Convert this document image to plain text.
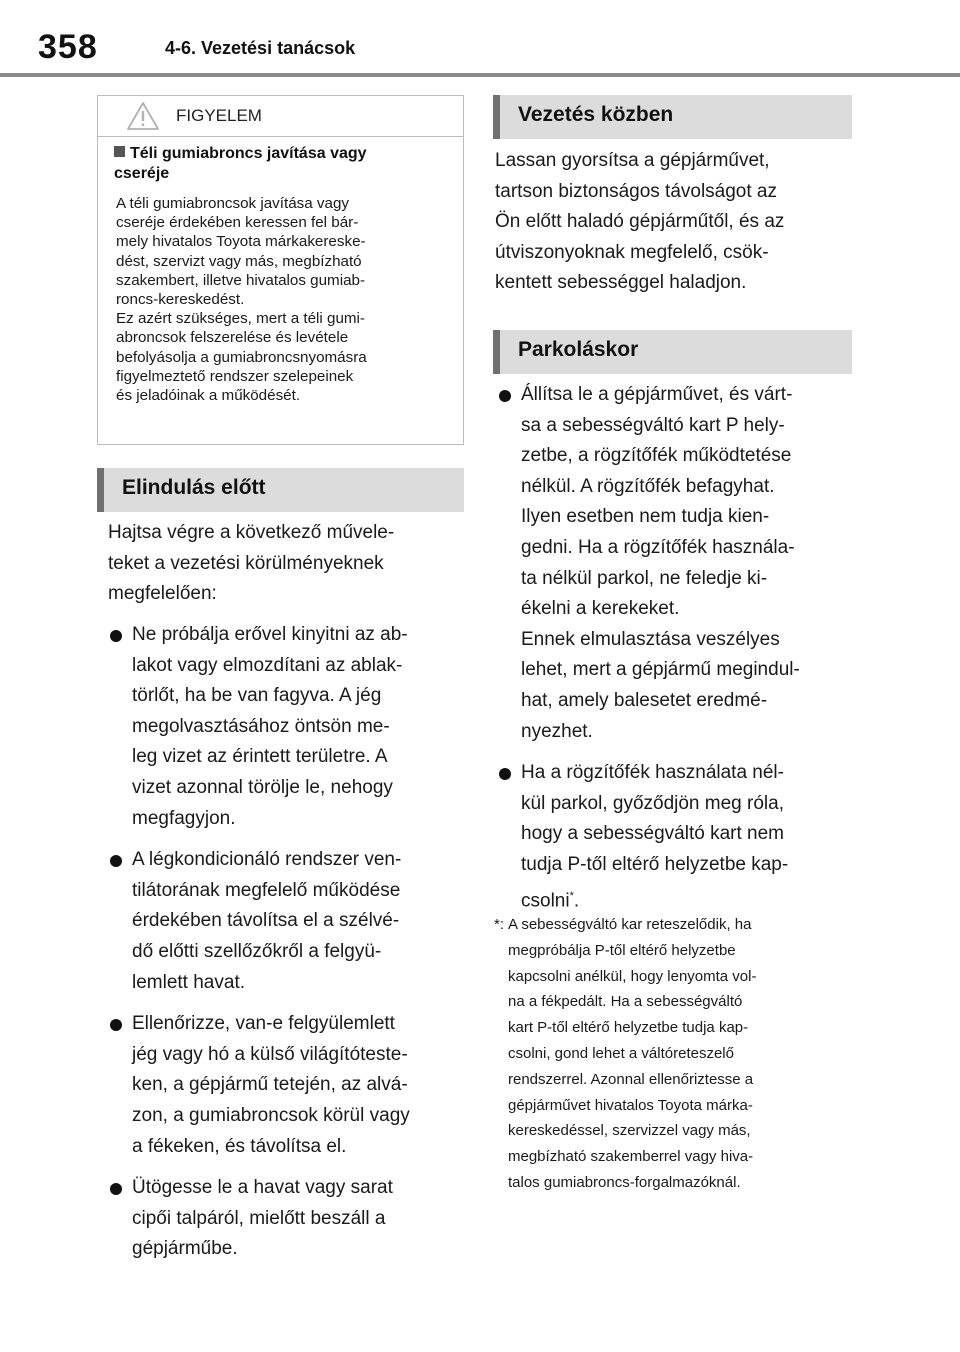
358	4-6. Vezetési tanácsok
FIGYELEM
Téli gumiabroncs javítása vagy
cseréje

A téli gumiabroncsok javítása vagy
cseréje érdekében keressen fel bár-
mely hivatalos Toyota márkakereske-
dést, szervizt vagy más, megbízható
szakembert, illetve hivatalos gumiab-
roncs-kereskedést.
Ez azért szükséges, mert a téli gumi-
abroncsok felszerelése és levétele
befolyásolja a gumiabroncsnyomásra
figyelmeztető rendszer szelepeinek
és jeladóinak a működését.

Elindulás előtt
Hajtsa végre a következő művele-
teket a vezetési körülményeknek
megfelelően:
Ne próbálja erővel kinyitni az ab-
lakot vagy elmozdítani az ablak-
törlőt, ha be van fagyva. A jég
megolvasztásához öntsön me-
leg vizet az érintett területre. A
vizet azonnal törölje le, nehogy
megfagyjon.
A légkondicionáló rendszer ven-
tilátorának megfelelő működése
érdekében távolítsa el a szélvé-
dő előtti szellőzőkről a felgyü-
lemlett havat.
Ellenőrizze, van-e felgyülemlett
jég vagy hó a külső világítóteste-
ken, a gépjármű tetején, az alvá-
zon, a gumiabroncsok körül vagy
a fékeken, és távolítsa el.
Ütögesse le a havat vagy sarat
cipői talpáról, mielőtt beszáll a
gépjárműbe.
Vezetés közben
Lassan gyorsítsa a gépjárművet,
tartson biztonságos távolságot az
Ön előtt haladó gépjárműtől, és az
útviszonyoknak megfelelő, csök-
kentett sebességgel haladjon.
Parkoláskor
Állítsa le a gépjárművet, és várt-
sa a sebességváltó kart P hely-
zetbe, a rögzítőfék működtetése
nélkül. A rögzítőfék befagyhat.
Ilyen esetben nem tudja kien-
gedni. Ha a rögzítőfék használa-
ta nélkül parkol, ne feledje ki-
ékelni a kerekeket.
Ennek elmulasztása veszélyes
lehet, mert a gépjármű megindul-
hat, amely balesetet eredmé-
nyezhet.
Ha a rögzítőfék használata nél-
kül parkol, győződjön meg róla,
hogy a sebességváltó kart nem
tudja P-től eltérő helyzetbe kap-
csolni*.
*: A sebességváltó kar reteszelődik, ha
megpróbálja P-től eltérő helyzetbe
kapcsolni anélkül, hogy lenyomta vol-
na a fékpedált. Ha a sebességváltó
kart P-től eltérő helyzetbe tudja kap-
csolni, gond lehet a váltóreteszelő
rendszerrel. Azonnal ellenőriztesse a
gépjárművet hivatalos Toyota márka-
kereskedéssel, szervizzel vagy más,
megbízható szakemberrel vagy hiva-
talos gumiabroncs-forgalmazóknál.
